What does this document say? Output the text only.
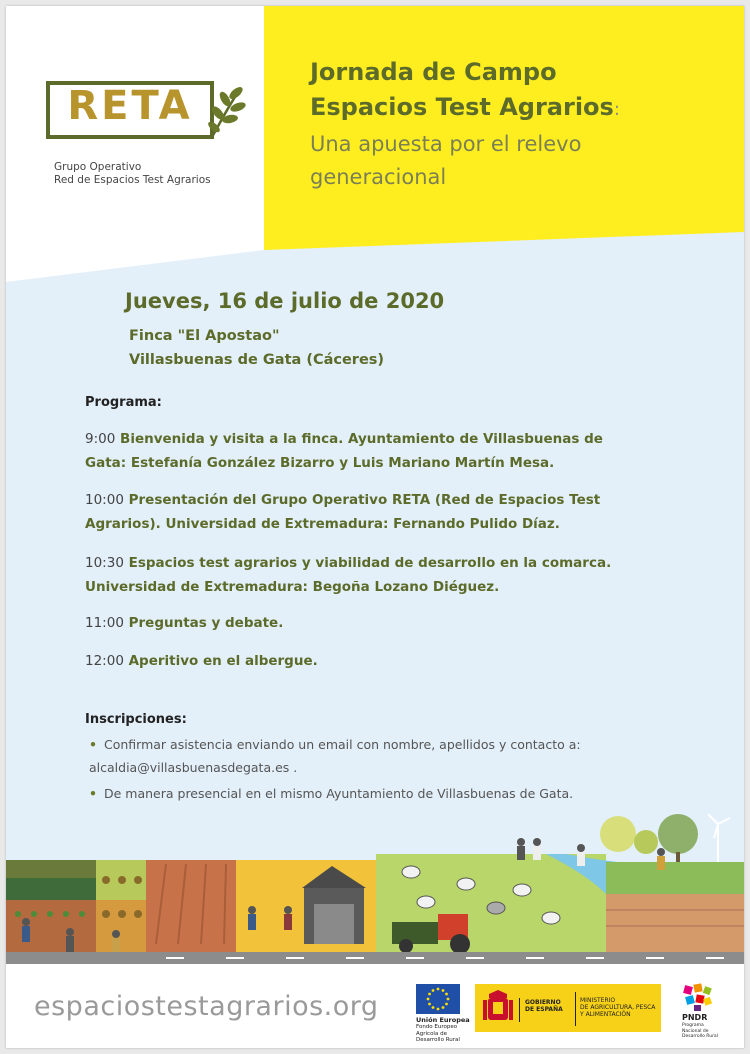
RETA
Grupo Operativo
Red de Espacios Test Agrarios
Jornada de Campo
Espacios Test Agrarios:
Una apuesta por el relevo
generacional
Jueves, 16 de julio de 2020
Finca "El Apostao"
Villasbuenas de Gata (Cáceres)
Programa:
9:00 Bienvenida y visita a la finca. Ayuntamiento de Villasbuenas de Gata: Estefanía González Bizarro y Luis Mariano Martín Mesa.
10:00 Presentación del Grupo Operativo RETA (Red de Espacios Test Agrarios). Universidad de Extremadura: Fernando Pulido Díaz.
10:30 Espacios test agrarios y viabilidad de desarrollo en la comarca. Universidad de Extremadura: Begoña Lozano Diéguez.
11:00 Preguntas y debate.
12:00 Aperitivo en el albergue.
Inscripciones:
• Confirmar asistencia enviando un email con nombre, apellidos y contacto a: alcaldia@villasbuenasdegata.es .
• De manera presencial en el mismo Ayuntamiento de Villasbuenas de Gata.
espaciostestagrarios.org	Unión Europea
Fondo Europeo Agrícola de Desarrollo Rural
GOBIERNO
DE ESPAÑA
MINISTERIO
DE AGRICULTURA, PESCA
Y ALIMENTACIÓN	PNDR
Programa Nacional de Desarrollo Rural
